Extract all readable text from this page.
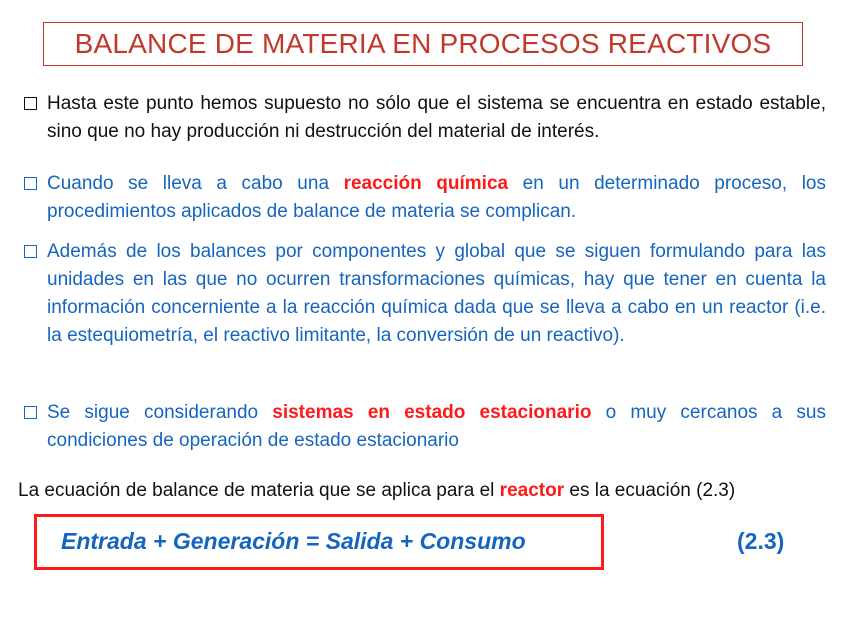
BALANCE DE MATERIA EN PROCESOS REACTIVOS
Hasta este punto hemos supuesto no sólo que el sistema se encuentra en estado estable, sino que no hay producción ni destrucción del material de interés.
Cuando se lleva a cabo una reacción química en un determinado proceso, los procedimientos aplicados de balance de materia se complican.
Además de los balances por componentes y global que se siguen formulando para las unidades en las que no ocurren transformaciones químicas, hay que tener en cuenta la información concerniente a la reacción química dada que se lleva a cabo en un reactor (i.e. la estequiometría, el reactivo limitante, la conversión de un reactivo).
Se sigue considerando sistemas en estado estacionario o muy cercanos a sus condiciones de operación de estado estacionario
La ecuación de balance de materia que se aplica para el reactor es la ecuación (2.3)
Entrada + Generación = Salida + Consumo	(2.3)
